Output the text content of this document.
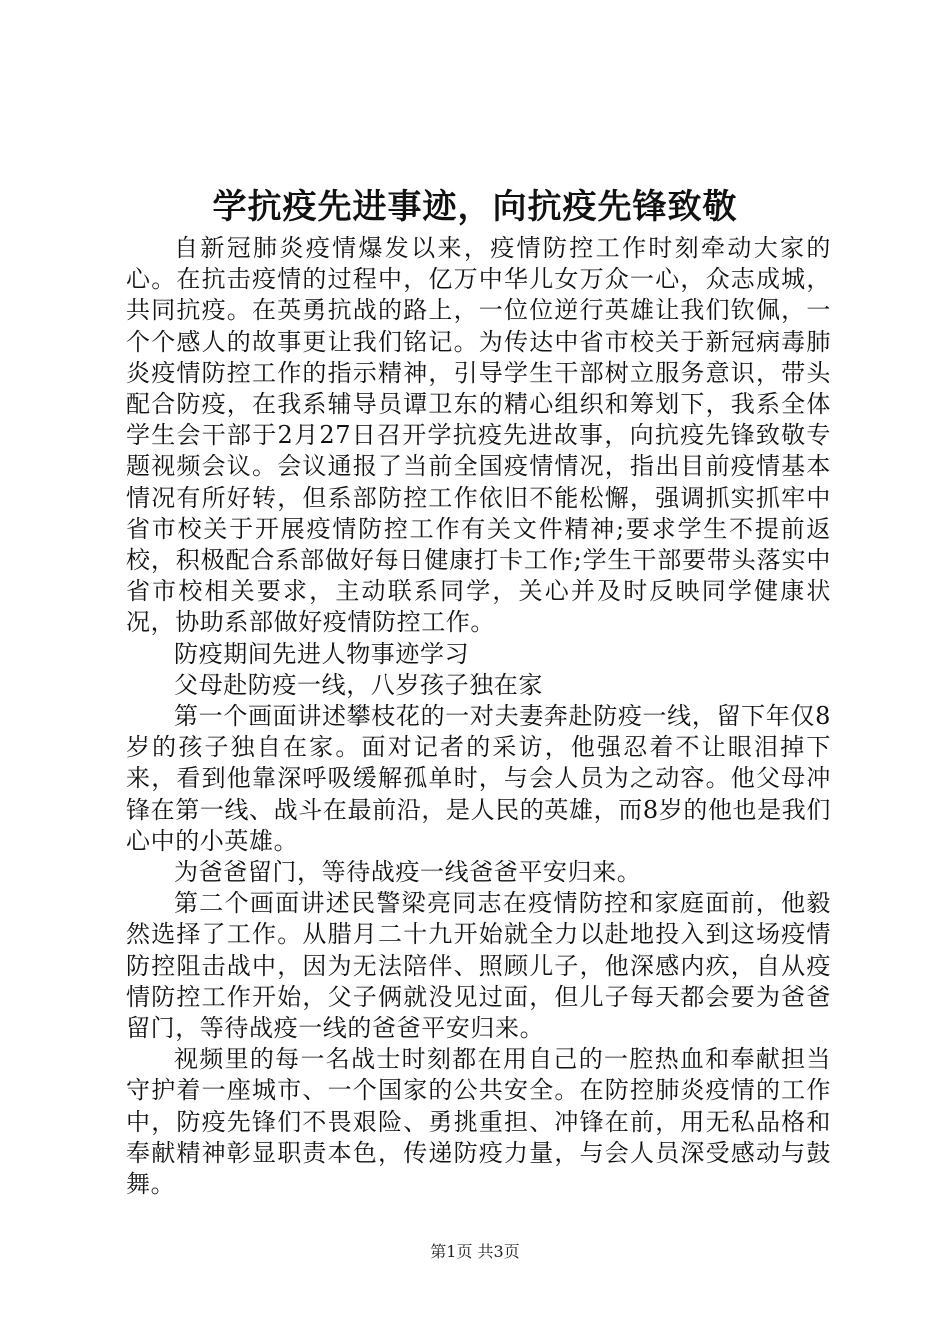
学抗疫先进事迹，向抗疫先锋致敬

自新冠肺炎疫情爆发以来，疫情防控工作时刻牵动大家的心。在抗击疫情的过程中，亿万中华儿女万众一心，众志成城，共同抗疫。在英勇抗战的路上，一位位逆行英雄让我们钦佩，一个个感人的故事更让我们铭记。为传达中省市校关于新冠病毒肺炎疫情防控工作的指示精神，引导学生干部树立服务意识，带头配合防疫，在我系辅导员谭卫东的精心组织和筹划下，我系全体学生会干部于2月27日召开学抗疫先进故事，向抗疫先锋致敬专题视频会议。会议通报了当前全国疫情情况，指出目前疫情基本情况有所好转，但系部防控工作依旧不能松懈，强调抓实抓牢中省市校关于开展疫情防控工作有关文件精神;要求学生不提前返校，积极配合系部做好每日健康打卡工作;学生干部要带头落实中省市校相关要求，主动联系同学，关心并及时反映同学健康状况，协助系部做好疫情防控工作。

防疫期间先进人物事迹学习

父母赴防疫一线，八岁孩子独在家

第一个画面讲述攀枝花的一对夫妻奔赴防疫一线，留下年仅8岁的孩子独自在家。面对记者的采访，他强忍着不让眼泪掉下来，看到他靠深呼吸缓解孤单时，与会人员为之动容。他父母冲锋在第一线、战斗在最前沿，是人民的英雄，而8岁的他也是我们心中的小英雄。

为爸爸留门，等待战疫一线爸爸平安归来。

第二个画面讲述民警梁亮同志在疫情防控和家庭面前，他毅然选择了工作。从腊月二十九开始就全力以赴地投入到这场疫情防控阻击战中，因为无法陪伴、照顾儿子，他深感内疚，自从疫情防控工作开始，父子俩就没见过面，但儿子每天都会要为爸爸留门，等待战疫一线的爸爸平安归来。

视频里的每一名战士时刻都在用自己的一腔热血和奉献担当守护着一座城市、一个国家的公共安全。在防控肺炎疫情的工作中，防疫先锋们不畏艰险、勇挑重担、冲锋在前，用无私品格和奉献精神彰显职责本色，传递防疫力量，与会人员深受感动与鼓舞。

第1页 共3页
